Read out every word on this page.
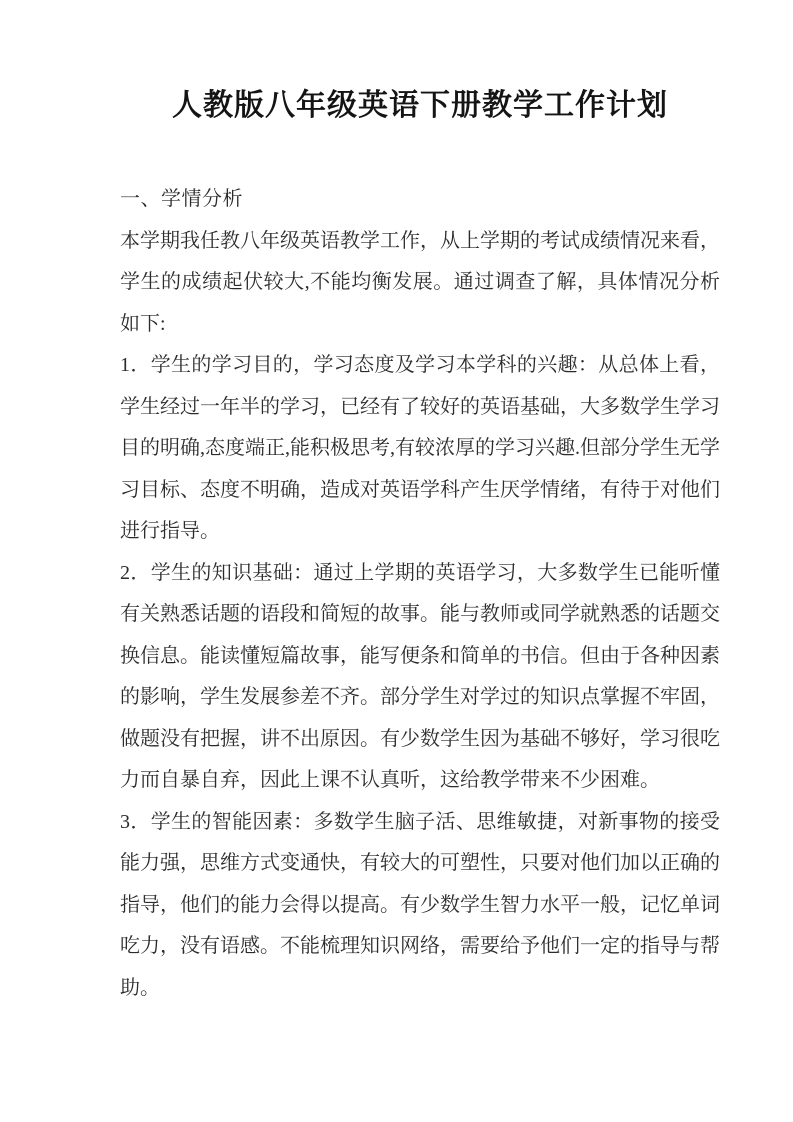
人教版八年级英语下册教学工作计划

一、学情分析

本学期我任教八年级英语教学工作，从上学期的考试成绩情况来看，学生的成绩起伏较大,不能均衡发展。通过调查了解，具体情况分析如下:

1．学生的学习目的，学习态度及学习本学科的兴趣：从总体上看，学生经过一年半的学习，已经有了较好的英语基础，大多数学生学习目的明确,态度端正,能积极思考,有较浓厚的学习兴趣.但部分学生无学习目标、态度不明确，造成对英语学科产生厌学情绪，有待于对他们进行指导。

2．学生的知识基础：通过上学期的英语学习，大多数学生已能听懂有关熟悉话题的语段和简短的故事。能与教师或同学就熟悉的话题交换信息。能读懂短篇故事，能写便条和简单的书信。但由于各种因素的影响，学生发展参差不齐。部分学生对学过的知识点掌握不牢固，做题没有把握，讲不出原因。有少数学生因为基础不够好，学习很吃力而自暴自弃，因此上课不认真听，这给教学带来不少困难。

3．学生的智能因素：多数学生脑子活、思维敏捷，对新事物的接受能力强，思维方式变通快，有较大的可塑性，只要对他们加以正确的指导，他们的能力会得以提高。有少数学生智力水平一般，记忆单词吃力，没有语感。不能梳理知识网络，需要给予他们一定的指导与帮助。
